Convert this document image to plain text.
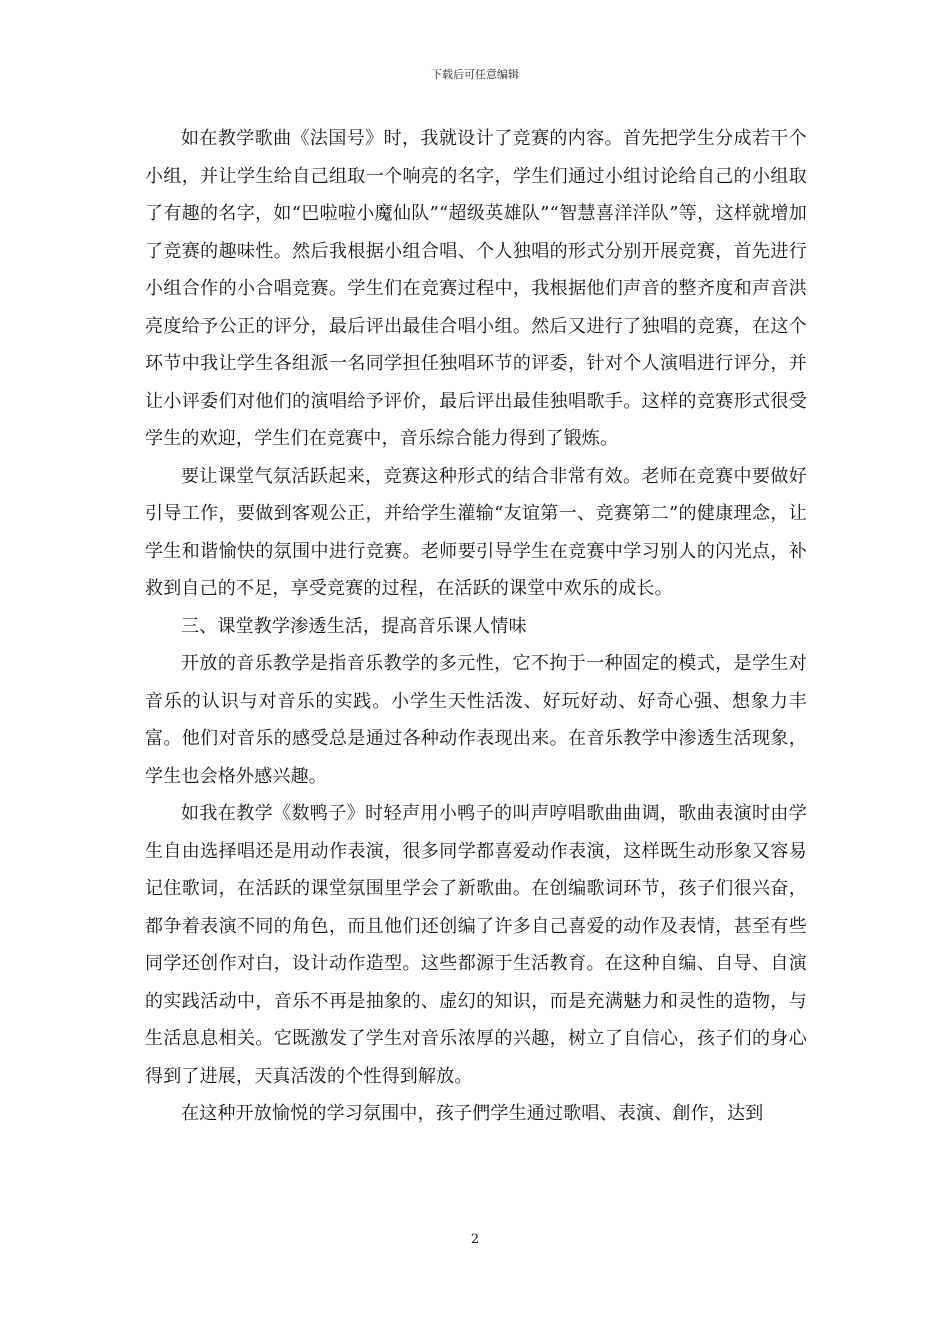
下载后可任意编辑

如在教学歌曲《法国号》时，我就设计了竞赛的内容。首先把学生分成若干个小组，并让学生给自己组取一个响亮的名字，学生们通过小组讨论给自己的小组取了有趣的名字，如“巴啦啦小魔仙队”“超级英雄队”“智慧喜洋洋队”等，这样就增加了竞赛的趣味性。然后我根据小组合唱、个人独唱的形式分别开展竞赛，首先进行小组合作的小合唱竞赛。学生们在竞赛过程中，我根据他们声音的整齐度和声音洪亮度给予公正的评分，最后评出最佳合唱小组。然后又进行了独唱的竞赛，在这个环节中我让学生各组派一名同学担任独唱环节的评委，针对个人演唱进行评分，并让小评委们对他们的演唱给予评价，最后评出最佳独唱歌手。这样的竞赛形式很受学生的欢迎，学生们在竞赛中，音乐综合能力得到了锻炼。

要让课堂气氛活跃起来，竞赛这种形式的结合非常有效。老师在竞赛中要做好引导工作，要做到客观公正，并给学生灌输“友谊第一、竞赛第二”的健康理念，让学生和谐愉快的氛围中进行竞赛。老师要引导学生在竞赛中学习别人的闪光点，补救到自己的不足，享受竞赛的过程，在活跃的课堂中欢乐的成长。

三、课堂教学渗透生活，提高音乐课人情味

开放的音乐教学是指音乐教学的多元性，它不拘于一种固定的模式，是学生对音乐的认识与对音乐的实践。小学生天性活泼、好玩好动、好奇心强、想象力丰富。他们对音乐的感受总是通过各种动作表现出来。在音乐教学中渗透生活现象，学生也会格外感兴趣。

如我在教学《数鸭子》时轻声用小鸭子的叫声哼唱歌曲曲调，歌曲表演时由学生自由选择唱还是用动作表演，很多同学都喜爱动作表演，这样既生动形象又容易记住歌词，在活跃的课堂氛围里学会了新歌曲。在创编歌词环节，孩子们很兴奋，都争着表演不同的角色，而且他们还创编了许多自己喜爱的动作及表情，甚至有些同学还创作对白，设计动作造型。这些都源于生活教育。在这种自编、自导、自演的实践活动中，音乐不再是抽象的、虚幻的知识，而是充满魅力和灵性的造物，与生活息息相关。它既激发了学生对音乐浓厚的兴趣，树立了自信心，孩子们的身心得到了进展，天真活泼的个性得到解放。

在这种开放愉悦的学习氛围中，孩子們学生通过歌唱、表演、創作，达到

2
